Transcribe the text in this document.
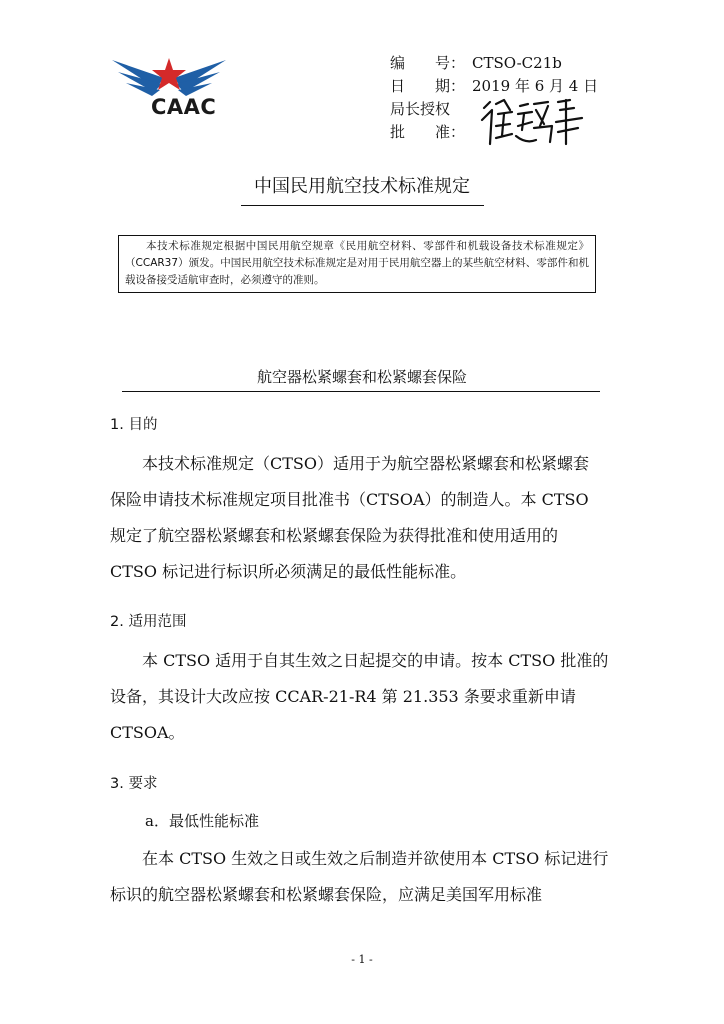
CAAC
编　　号： CTSO-C21b
日　　期： 2019 年 6 月 4 日
局长授权
批　　准：
中国民用航空技术标准规定
本技术标准规定根据中国民用航空规章《民用航空材料、零部件和机载设备技术标准规定》（CCAR37）颁发。中国民用航空技术标准规定是对用于民用航空器上的某些航空材料、零部件和机载设备接受适航审查时，必须遵守的准则。
航空器松紧螺套和松紧螺套保险
1. 目的
本技术标准规定（CTSO）适用于为航空器松紧螺套和松紧螺套
保险申请技术标准规定项目批准书（CTSOA）的制造人。本 CTSO
规定了航空器松紧螺套和松紧螺套保险为获得批准和使用适用的
CTSO 标记进行标识所必须满足的最低性能标准。
2. 适用范围
本 CTSO 适用于自其生效之日起提交的申请。按本 CTSO 批准的
设备，其设计大改应按 CCAR-21-R4 第 21.353 条要求重新申请
CTSOA。
3. 要求
a．最低性能标准
在本 CTSO 生效之日或生效之后制造并欲使用本 CTSO 标记进行
标识的航空器松紧螺套和松紧螺套保险，应满足美国军用标准
- 1 -
